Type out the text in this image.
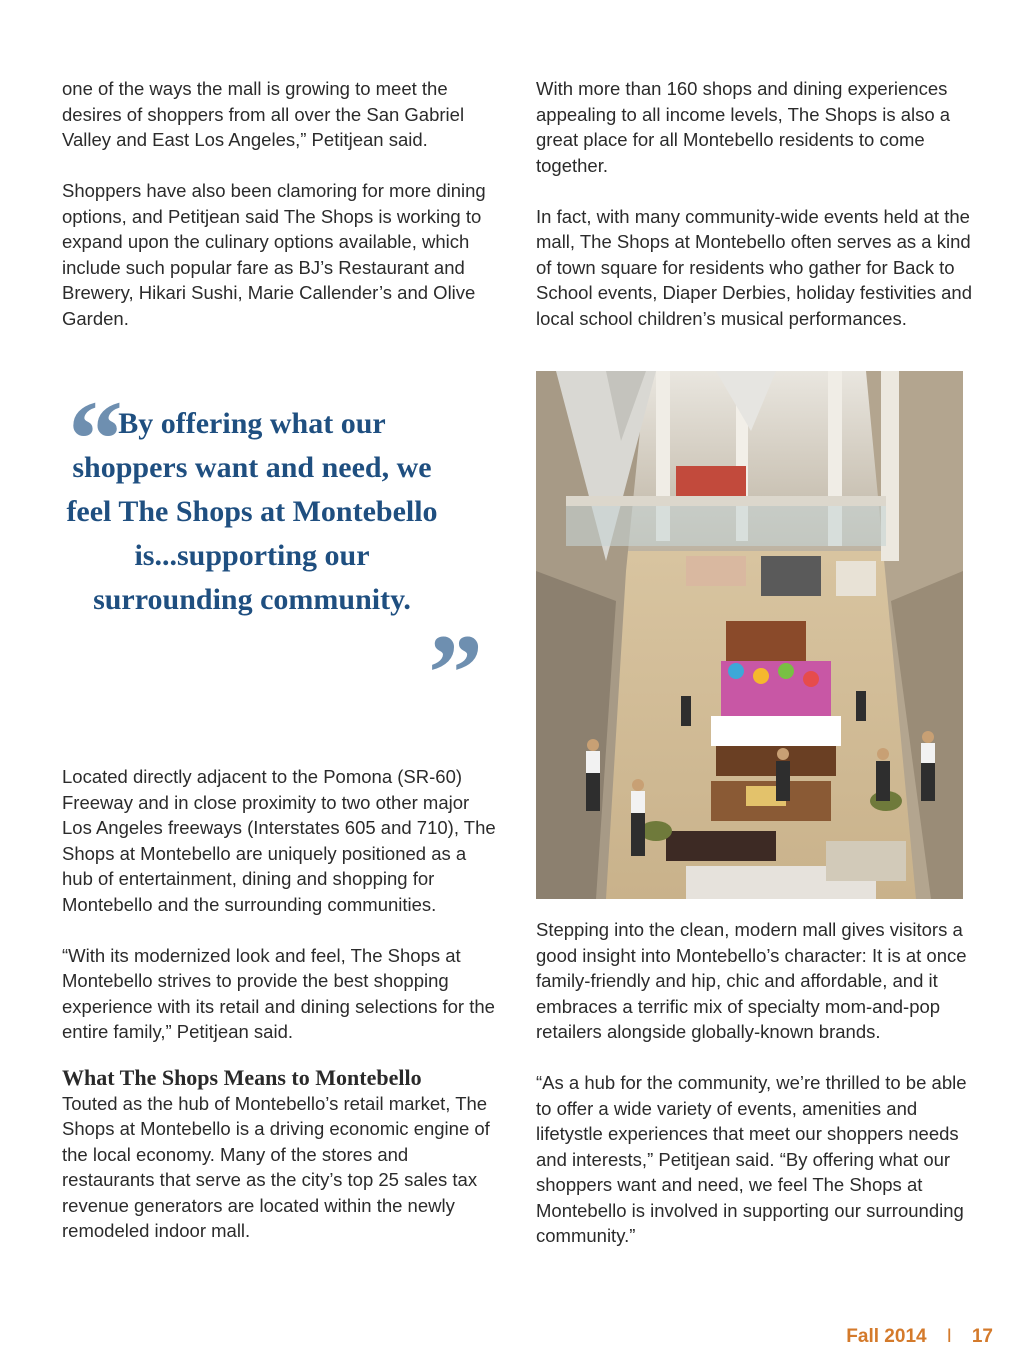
one of the ways the mall is growing to meet the desires of shoppers from all over the San Gabriel Valley and East Los Angeles,” Petitjean said.

Shoppers have also been clamoring for more dining options, and Petitjean said The Shops is working to expand upon the culinary options available, which include such popular fare as BJ’s Restaurant and Brewery, Hikari Sushi, Marie Callender’s and Olive Garden.

“
By offering what our shoppers want and need, we feel The Shops at Montebello is...supporting our surrounding community.
”

Located directly adjacent to the Pomona (SR-60) Freeway and in close proximity to two other major Los Angeles freeways (Interstates 605 and 710), The Shops at Montebello are uniquely positioned as a hub of entertainment, dining and shopping for Montebello and the surrounding communities.

“With its modernized look and feel, The Shops at Montebello strives to provide the best shopping experience with its retail and dining selections for the entire family,” Petitjean said.

What The Shops Means to Montebello

Touted as the hub of Montebello’s retail market, The Shops at Montebello is a driving economic engine of the local economy. Many of the stores and restaurants that serve as the city’s top 25 sales tax revenue generators are located within the newly remodeled indoor mall.

With more than 160 shops and dining experiences appealing to all income levels, The Shops is also a great place for all Montebello residents to come together.

In fact, with many community-wide events held at the mall, The Shops at Montebello often serves as a kind of town square for residents who gather for Back to School events, Diaper Derbies, holiday festivities and local school children’s musical performances.

Stepping into the clean, modern mall gives visitors a good insight into Montebello’s character: It is at once family-friendly and hip, chic and affordable, and it embraces a terrific mix of specialty mom-and-pop retailers alongside globally-known brands.

“As a hub for the community, we’re thrilled to be able to offer a wide variety of events, amenities and lifetystle experiences that meet our shoppers needs and interests,” Petitjean said. “By offering what our shoppers want and need, we feel The Shops at Montebello is involved in supporting our surrounding community.”

Fall 2014 I 17
